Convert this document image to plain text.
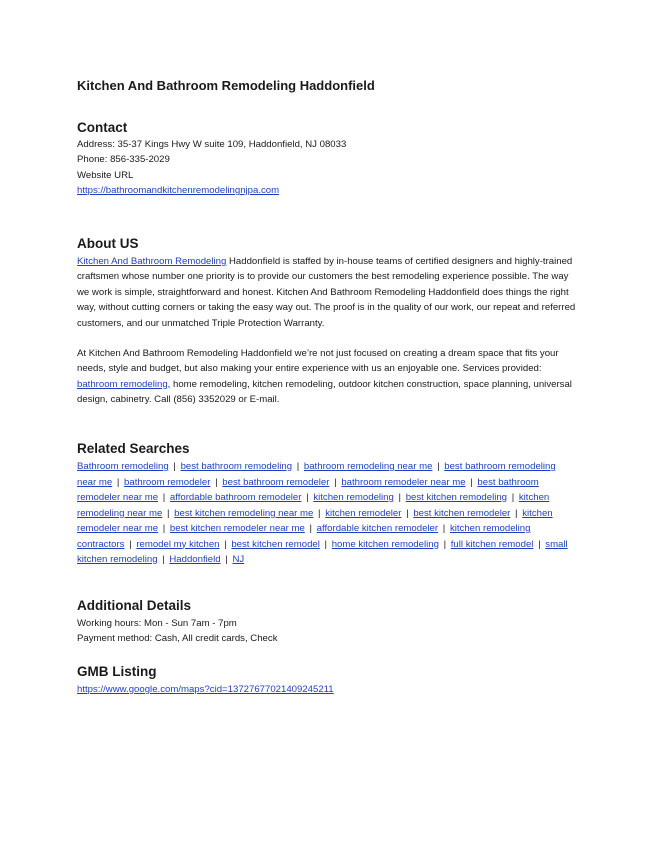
Kitchen And Bathroom Remodeling Haddonfield
Contact
Address: 35-37 Kings Hwy W suite 109, Haddonfield, NJ 08033
Phone: 856-335-2029
Website URL
https://bathroomandkitchenremodelingnjpa.com
About US
Kitchen And Bathroom Remodeling Haddonfield is staffed by in-house teams of certified designers and highly-trained craftsmen whose number one priority is to provide our customers the best remodeling experience possible. The way we work is simple, straightforward and honest. Kitchen And Bathroom Remodeling Haddonfield does things the right way, without cutting corners or taking the easy way out. The proof is in the quality of our work, our repeat and referred customers, and our unmatched Triple Protection Warranty.
At Kitchen And Bathroom Remodeling Haddonfield we’re not just focused on creating a dream space that fits your needs, style and budget, but also making your entire experience with us an enjoyable one. Services provided: bathroom remodeling, home remodeling, kitchen remodeling, outdoor kitchen construction, space planning, universal design, cabinetry. Call (856) 3352029 or E-mail.
Related Searches
Bathroom remodeling | best bathroom remodeling | bathroom remodeling near me | best bathroom remodeling near me | bathroom remodeler | best bathroom remodeler | bathroom remodeler near me | best bathroom remodeler near me | affordable bathroom remodeler | kitchen remodeling | best kitchen remodeling | kitchen remodeling near me | best kitchen remodeling near me | kitchen remodeler | best kitchen remodeler | kitchen remodeler near me | best kitchen remodeler near me | affordable kitchen remodeler | kitchen remodeling contractors | remodel my kitchen | best kitchen remodel | home kitchen remodeling | full kitchen remodel | small kitchen remodeling | Haddonfield | NJ
Additional Details
Working hours: Mon - Sun 7am - 7pm
Payment method: Cash, All credit cards, Check
GMB Listing
https://www.google.com/maps?cid=13727677021409245211
